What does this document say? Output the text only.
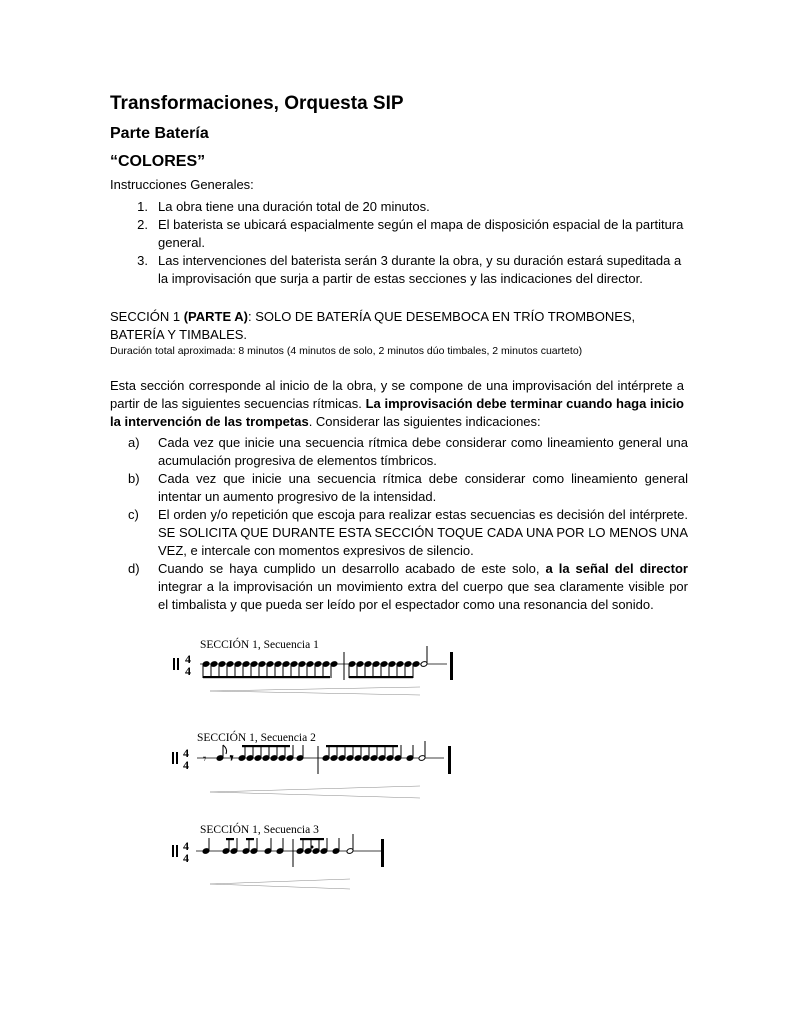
Transformaciones, Orquesta SIP
Parte Batería
“COLORES”
Instrucciones Generales:
1. La obra tiene una duración total de 20 minutos.
2. El baterista se ubicará espacialmente según el mapa de disposición espacial de la partitura general.
3. Las intervenciones del baterista serán 3 durante la obra, y su duración estará supeditada a la improvisación que surja a partir de estas secciones y las indicaciones del director.
SECCIÓN 1 (PARTE A): SOLO DE BATERÍA QUE DESEMBOCA EN TRÍO TROMBONES, BATERÍA Y TIMBALES.
Duración total aproximada: 8 minutos (4 minutos de solo, 2 minutos dúo timbales, 2 minutos cuarteto)
Esta sección corresponde al inicio de la obra, y se compone de una improvisación del intérprete a partir de las siguientes secuencias rítmicas. La improvisación debe terminar cuando haga inicio la intervención de las trompetas. Considerar las siguientes indicaciones:
a) Cada vez que inicie una secuencia rítmica debe considerar como lineamiento general una acumulación progresiva de elementos tímbricos.
b) Cada vez que inicie una secuencia rítmica debe considerar como lineamiento general intentar un aumento progresivo de la intensidad.
c) El orden y/o repetición que escoja para realizar estas secuencias es decisión del intérprete. SE SOLICITA QUE DURANTE ESTA SECCIÓN TOQUE CADA UNA POR LO MENOS UNA VEZ, e intercale con momentos expresivos de silencio.
d) Cuando se haya cumplido un desarrollo acabado de este solo, a la señal del director integrar a la improvisación un movimiento extra del cuerpo que sea claramente visible por el timbalista y que pueda ser leído por el espectador como una resonancia del sonido.
SECCIÓN 1, Secuencia 1
SECCIÓN 1, Secuencia 2
SECCIÓN 1, Secuencia 3
4
4
4
4 𝄾 𝄾
4
4
